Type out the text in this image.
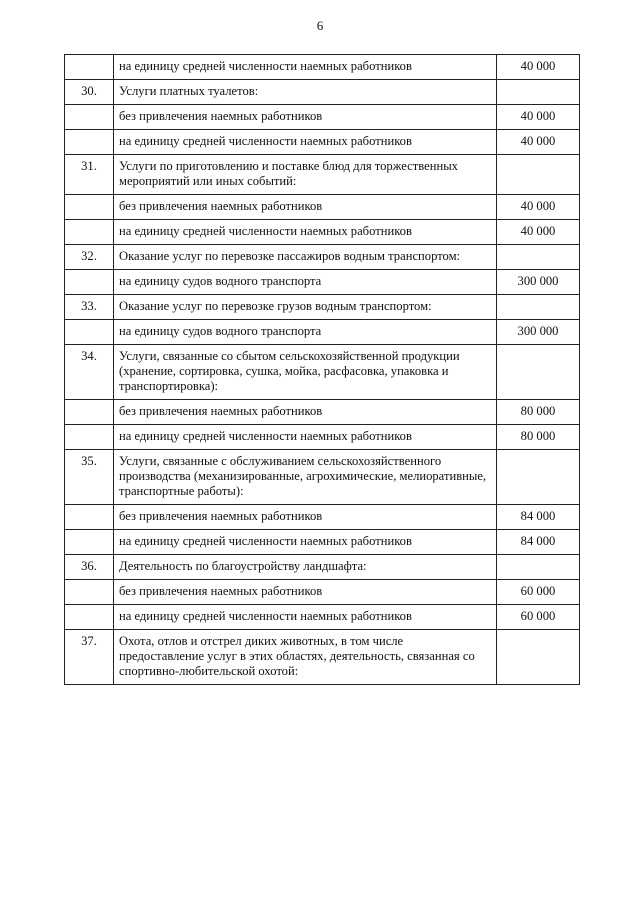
6
	на единицу средней численности наемных работников	40 000
30.	Услуги платных туалетов:	
	без привлечения наемных работников	40 000
	на единицу средней численности наемных работников	40 000
31.	Услуги по приготовлению и поставке блюд для торжественных мероприятий или иных событий:	
	без привлечения наемных работников	40 000
	на единицу средней численности наемных работников	40 000
32.	Оказание услуг по перевозке пассажиров водным транспортом:	
	на единицу судов водного транспорта	300 000
33.	Оказание услуг по перевозке грузов водным транспортом:	
	на единицу судов водного транспорта	300 000
34.	Услуги, связанные со сбытом сельскохозяйственной продукции (хранение, сортировка, сушка, мойка, расфасовка, упаковка и транспортировка):	
	без привлечения наемных работников	80 000
	на единицу средней численности наемных работников	80 000
35.	Услуги, связанные с обслуживанием сельскохозяйственного производства (механизированные, агрохимические, мелиоративные, транспортные работы):	
	без привлечения наемных работников	84 000
	на единицу средней численности наемных работников	84 000
36.	Деятельность по благоустройству ландшафта:	
	без привлечения наемных работников	60 000
	на единицу средней численности наемных работников	60 000
37.	Охота, отлов и отстрел диких животных, в том числе предоставление услуг в этих областях, деятельность, связанная со спортивно-любительской охотой:	
